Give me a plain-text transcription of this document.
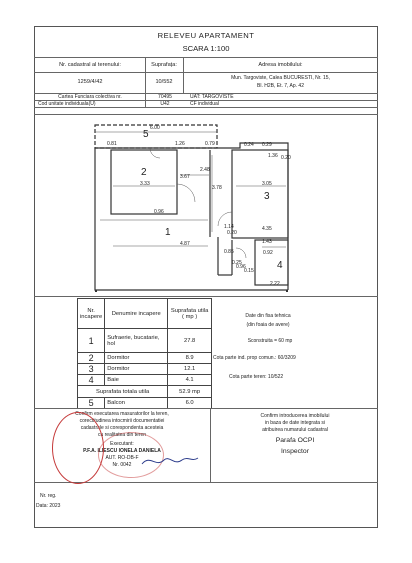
RELEVEU APARTAMENT
SCARA 1:100
Nr. cadastral al terenului:	Suprafața:	Adresa imobilului:
1259/4/42	10/552
Mun. Targoviste, Calea BUCURESTI, Nr. 15,
Bl. H2B, Et. 7, Ap. 42
Cartea Funciara colectiva nr.	70495	UAT: TARGOVISTE
Cod unitate individuala(U)	U42	CF individual
5
2
3
1
4
6.00
0.81	0.79
1.26	0.24 0.29
0.20
3.33
2.48
3.05
3.78
0.96
1.14
4.87
0.85
1.36
3.67
4.35
0.20
1.43
0.25
0.92
0.15
0.96
2.22
Nr. incapere	Denumire incapere	Suprafata utila ( mp )
1	Sufraerie, bucatarie, hol	27.8
2	Dormitor	8.9
3	Dormitor	12.1
4	Baie	4.1
Suprafata totala utila		52.9 mp
5	Balcon	6.0
Date din fisa tehnica
(din foaia de avere)
Sconstruita = 60 mp
Cota parte ind. prop comun.: 60/3209
Cota parte teren: 10/522
Confirm executarea masuratorilor la teren,
corectitudinea intocmirii documentatiei
cadastrale si corespondenta acesteia
cu realitatea din teren
Executant:
P.F.A. ILIESCU IONELA DANIELA
AUT. RO-DB-F
Nr. 0042
Confirm introducerea imobilului
in baza de date integrata si
atribuirea numarului cadastral
Parafa OCPI
Inspector
Nr. reg.
Data: 2023
